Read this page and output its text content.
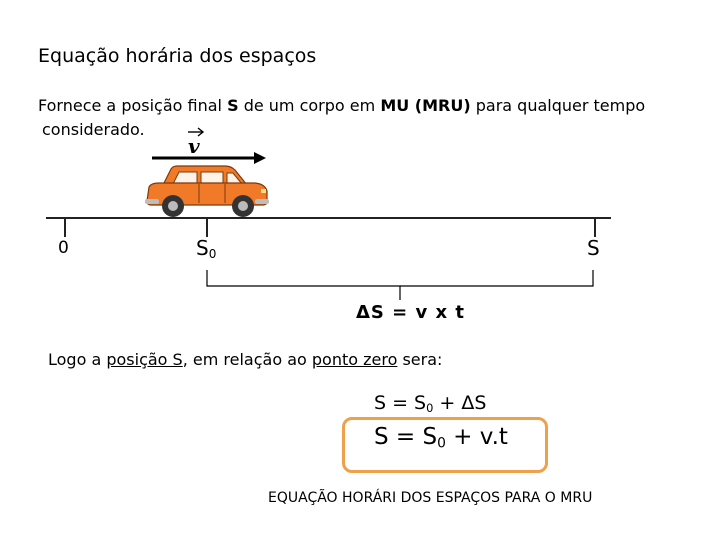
Equação horária dos espaços
Fornece a posição final S de um corpo em MU (MRU) para qualquer tempo
considerado.
v
0	$S_0$	S
ΔS = v x t
Logo a posição S, em relação ao ponto zero sera:
$S = S_0 + \Delta S$
$S = S_0 + v.t$
EQUAÇÃO HORÁRI DOS ESPAÇOS PARA O MRU
